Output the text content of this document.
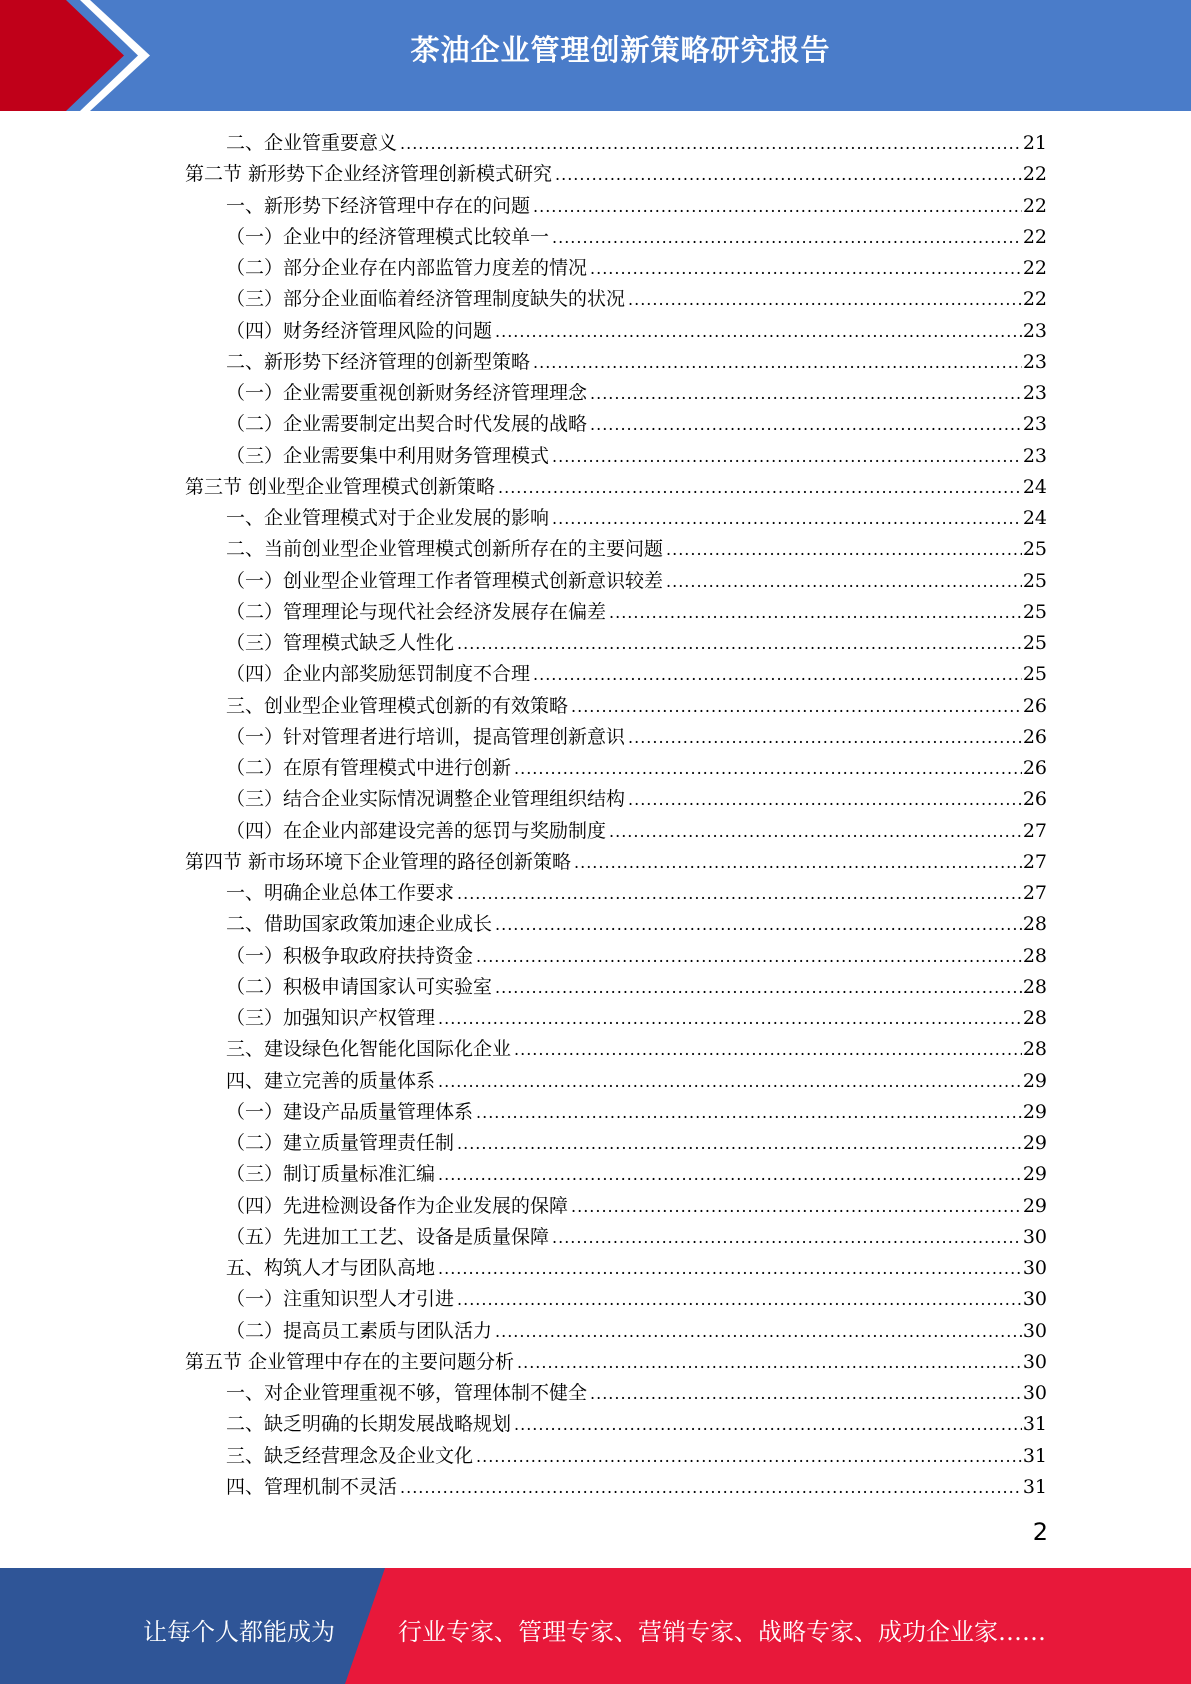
茶油企业管理创新策略研究报告
二、企业管重要意义 .....	21
第二节 新形势下企业经济管理创新模式研究 .....	22
一、新形势下经济管理中存在的问题 .....	22
（一）企业中的经济管理模式比较单一 .....	22
（二）部分企业存在内部监管力度差的情况 .....	22
（三）部分企业面临着经济管理制度缺失的状况 .....	22
（四）财务经济管理风险的问题 .....	23
二、新形势下经济管理的创新型策略 .....	23
（一）企业需要重视创新财务经济管理理念 .....	23
（二）企业需要制定出契合时代发展的战略 .....	23
（三）企业需要集中利用财务管理模式 .....	23
第三节 创业型企业管理模式创新策略 .....	24
一、企业管理模式对于企业发展的影响 .....	24
二、当前创业型企业管理模式创新所存在的主要问题 .....	25
（一）创业型企业管理工作者管理模式创新意识较差 .....	25
（二）管理理论与现代社会经济发展存在偏差 .....	25
（三）管理模式缺乏人性化 .....	25
（四）企业内部奖励惩罚制度不合理 .....	25
三、创业型企业管理模式创新的有效策略 .....	26
（一）针对管理者进行培训，提高管理创新意识 .....	26
（二）在原有管理模式中进行创新 .....	26
（三）结合企业实际情况调整企业管理组织结构 .....	26
（四）在企业内部建设完善的惩罚与奖励制度 .....	27
第四节 新市场环境下企业管理的路径创新策略 .....	27
一、明确企业总体工作要求 .....	27
二、借助国家政策加速企业成长 .....	28
（一）积极争取政府扶持资金 .....	28
（二）积极申请国家认可实验室 .....	28
（三）加强知识产权管理 .....	28
三、建设绿色化智能化国际化企业 .....	28
四、建立完善的质量体系 .....	29
（一）建设产品质量管理体系 .....	29
（二）建立质量管理责任制 .....	29
（三）制订质量标准汇编 .....	29
（四）先进检测设备作为企业发展的保障 .....	29
（五）先进加工工艺、设备是质量保障 .....	30
五、构筑人才与团队高地 .....	30
（一）注重知识型人才引进 .....	30
（二）提高员工素质与团队活力 .....	30
第五节 企业管理中存在的主要问题分析 .....	30
一、对企业管理重视不够，管理体制不健全 .....	30
二、缺乏明确的长期发展战略规划 .....	31
三、缺乏经营理念及企业文化 .....	31
四、管理机制不灵活 .....	31
2
让每个人都能成为	行业专家、管理专家、营销专家、战略专家、成功企业家……
